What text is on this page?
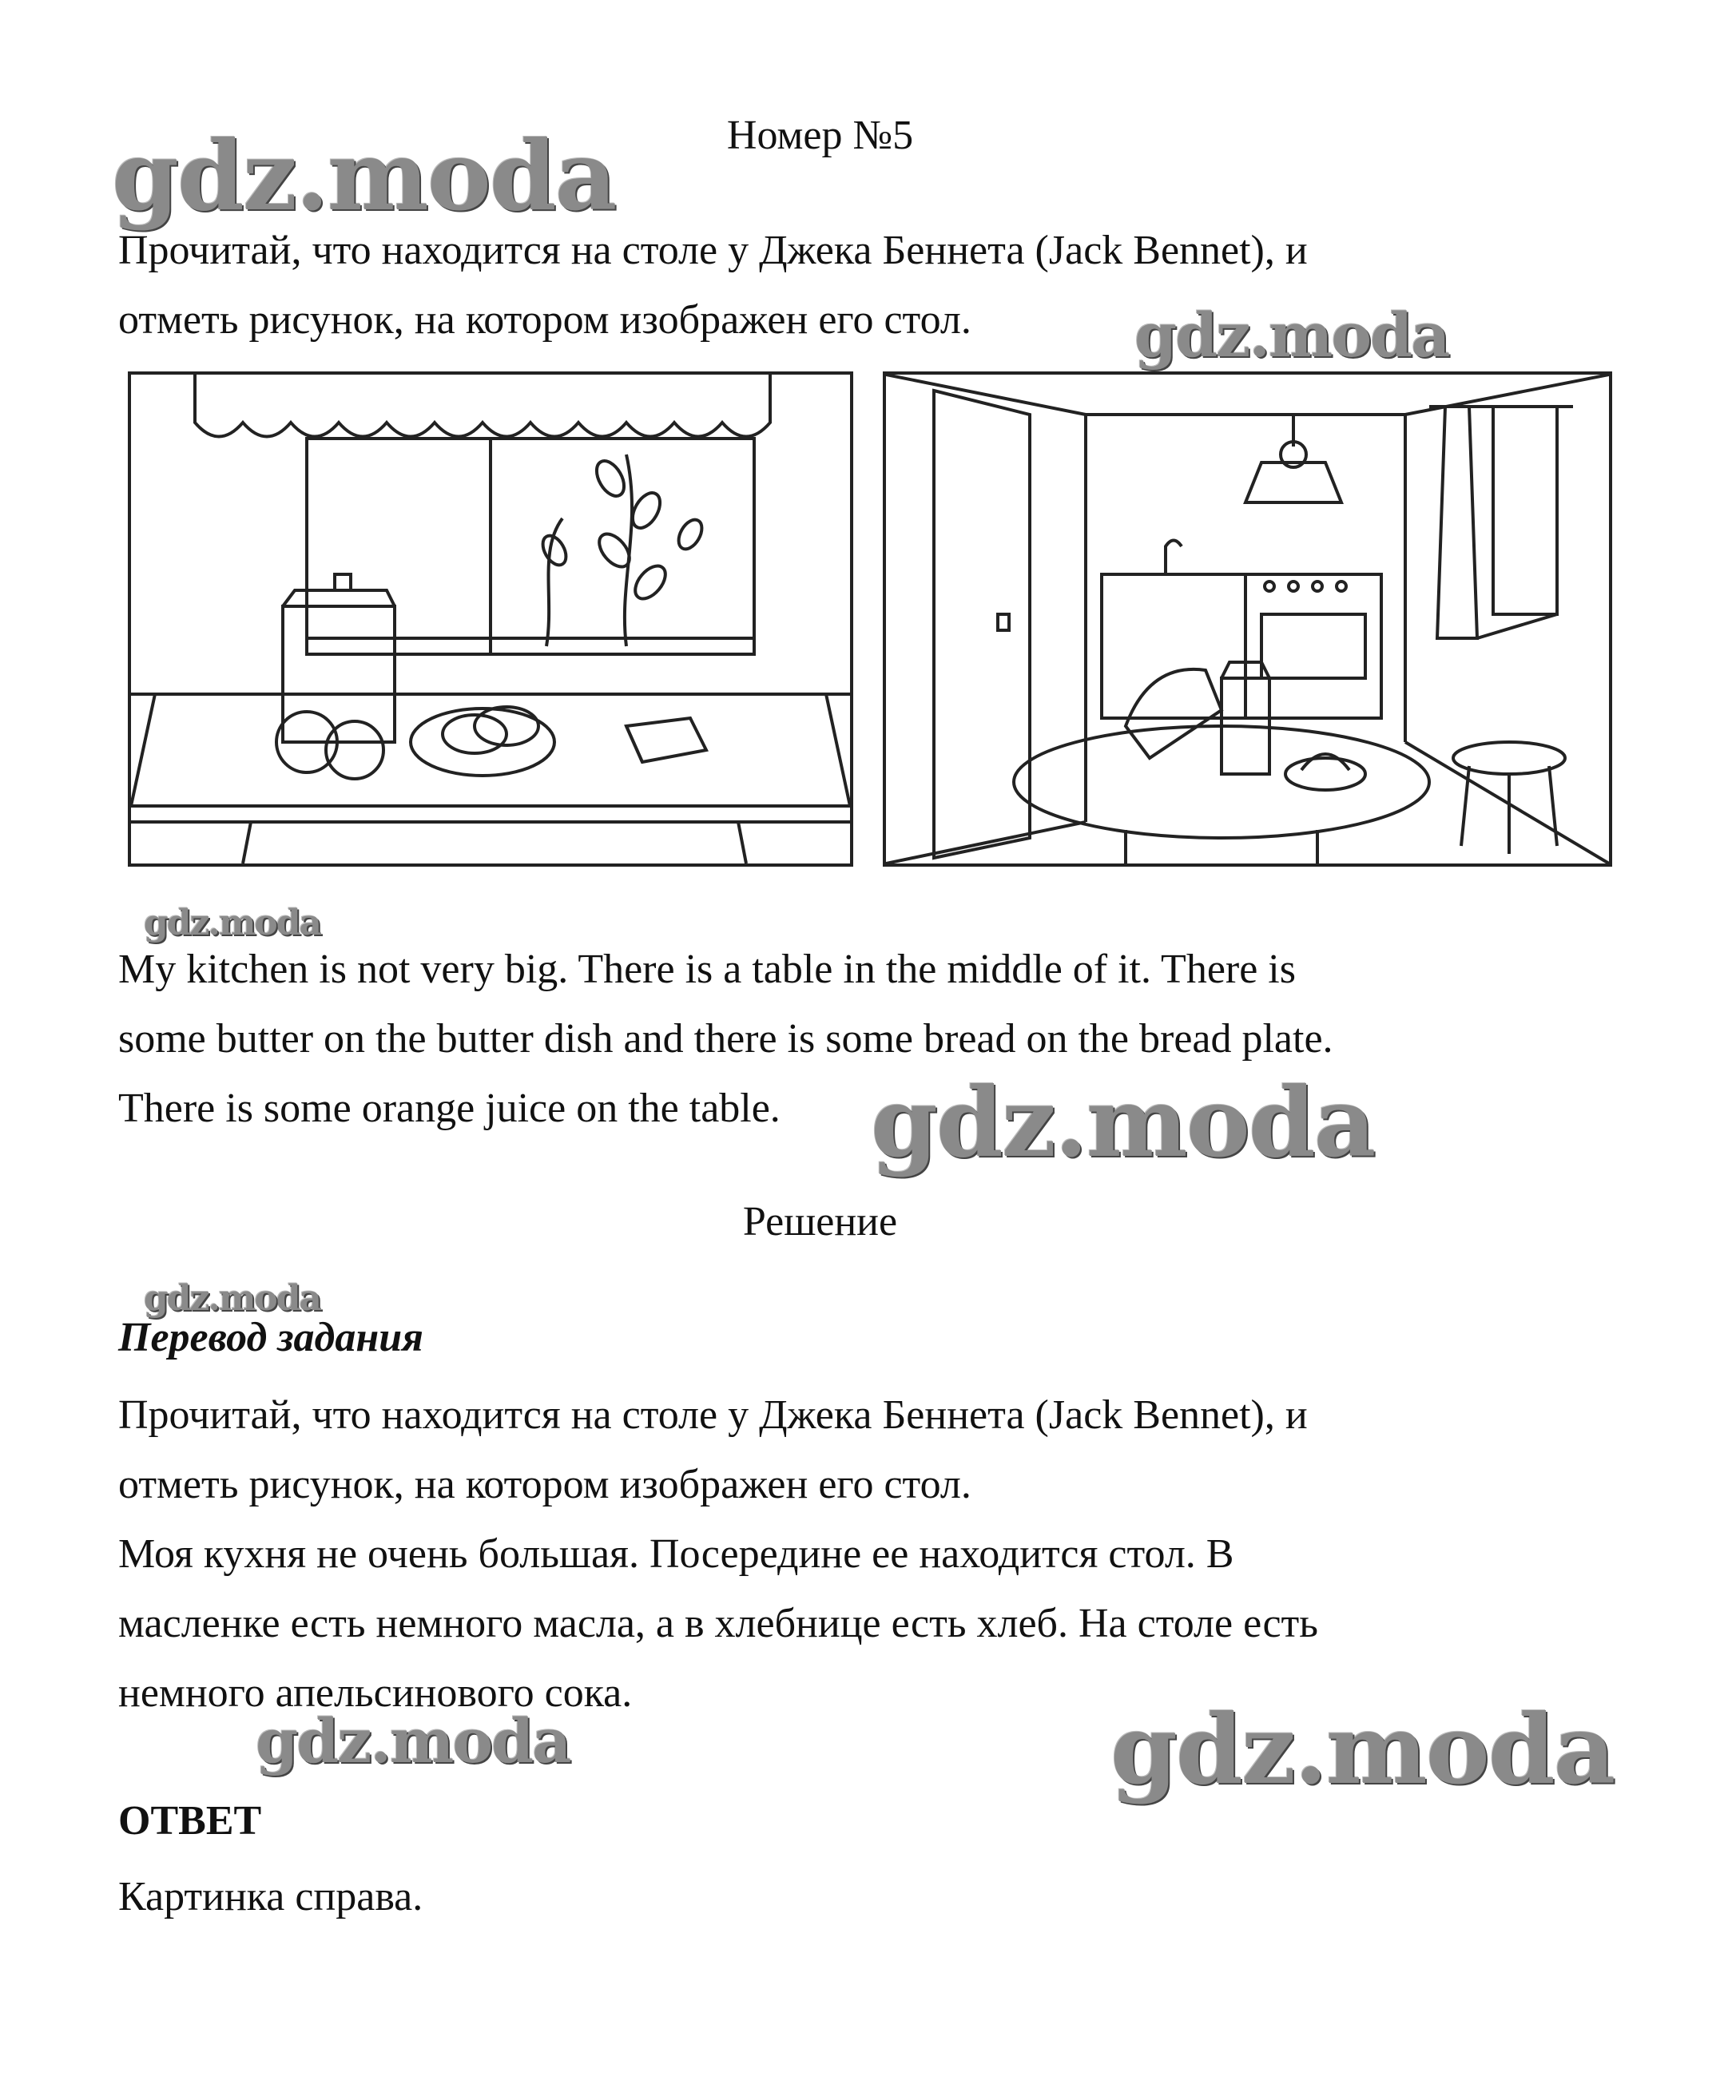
Номер №5
gdz.moda
gdz.moda
gdz.moda
gdz.moda
gdz.moda
gdz.moda	gdz.moda

Прочитай, что находится на столе у Джека Беннета (Jack Bennet), и

отметь рисунок, на котором изображен его стол.

My kitchen is not very big. There is a table in the middle of it. There is

some butter on the butter dish and there is some bread on the bread plate.

There is some orange juice on the table.

Решение
Перевод задания

Прочитай, что находится на столе у Джека Беннета (Jack Bennet), и

отметь рисунок, на котором изображен его стол.

Моя кухня не очень большая. Посередине ее находится стол. В

масленке есть немного масла, а в хлебнице есть хлеб. На столе есть

немного апельсинового сока.

ОТВЕТ
Картинка справа.
